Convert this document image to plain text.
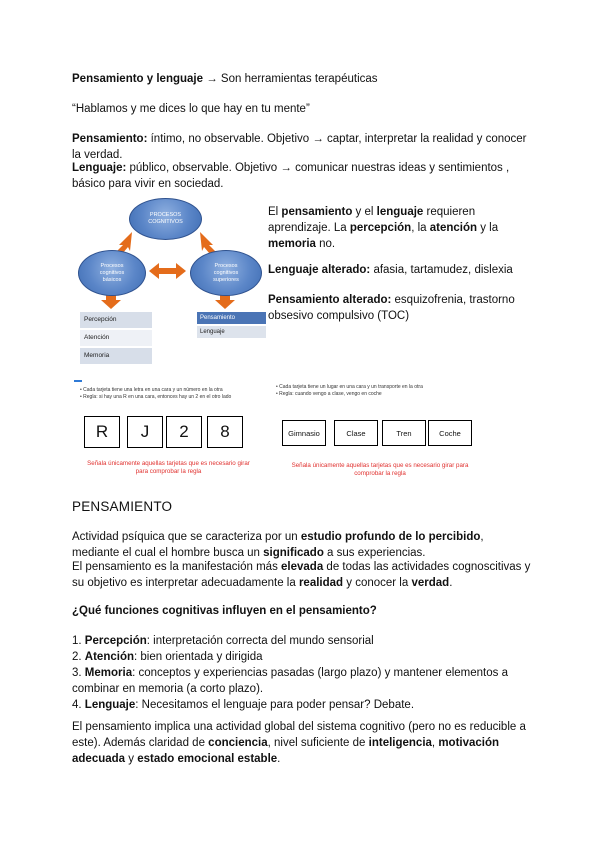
Pensamiento y lenguaje → Son herramientas terapéuticas

“Hablamos y me dices lo que hay en tu mente”

Pensamiento: íntimo, no observable. Objetivo → captar, interpretar la realidad y conocer la verdad.

Lenguaje: público, observable. Objetivo → comunicar nuestras ideas y sentimientos , básico para vivir en sociedad.

PROCESOS COGNITIVOS
Procesos cognitivos básicos
Procesos cognitivos superiores
Percepción
Atención
Memoria
Pensamiento
Lenguaje

El pensamiento y el lenguaje requieren aprendizaje. La percepción, la atención y la memoria no.

Lenguaje alterado: afasia, tartamudez, dislexia

Pensamiento alterado: esquizofrenia, trastorno obsesivo compulsivo (TOC)

• Cada tarjeta tiene una letra en una cara y un número en la otra
• Regla: si hay una R en una cara, entonces hay un 2 en el otro lado
R	J	2	8
Señala únicamente aquellas tarjetas que es necesario girar para comprobar la regla
• Cada tarjeta tiene un lugar en una cara y un transporte en la otra
• Regla: cuando vengo a clase, vengo en coche
Gimnasio	Clase	Tren	Coche
Señala únicamente aquellas tarjetas que es necesario girar para comprobar la regla
PENSAMIENTO

Actividad psíquica que se caracteriza por un estudio profundo de lo percibido, mediante el cual el hombre busca un significado a sus experiencias.

El pensamiento es la manifestación más elevada de todas las actividades cognoscitivas y su objetivo es interpretar adecuadamente la realidad y conocer la verdad.

¿Qué funciones cognitivas influyen en el pensamiento?

1. Percepción: interpretación correcta del mundo sensorial

2. Atención: bien orientada y dirigida

3. Memoria: conceptos y experiencias pasadas (largo plazo) y mantener elementos a combinar en memoria (a corto plazo).

4. Lenguaje: Necesitamos el lenguaje para poder pensar? Debate.

El pensamiento implica una actividad global del sistema cognitivo (pero no es reducible a este). Además claridad de conciencia, nivel suficiente de inteligencia, motivación adecuada y estado emocional estable.
